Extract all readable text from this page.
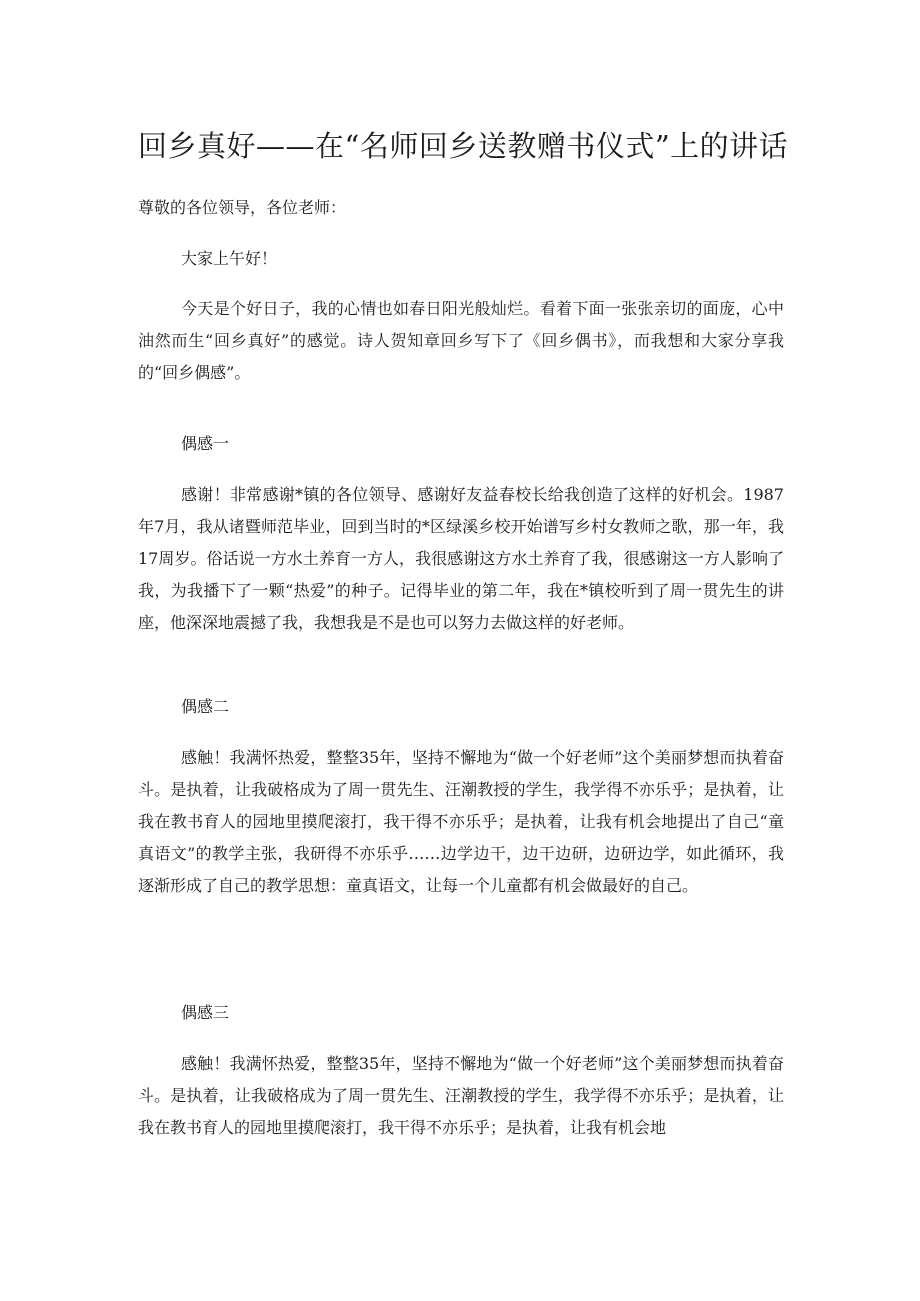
回乡真好——在“名师回乡送教赠书仪式”上的讲话
尊敬的各位领导，各位老师：
大家上午好！
今天是个好日子，我的心情也如春日阳光般灿烂。看着下面一张张亲切的面庞，心中油然而生“回乡真好”的感觉。诗人贺知章回乡写下了《回乡偶书》，而我想和大家分享我的“回乡偶感”。
偶感一
感谢！非常感谢*镇的各位领导、感谢好友益春校长给我创造了这样的好机会。1987年7月，我从诸暨师范毕业，回到当时的*区绿溪乡校开始谱写乡村女教师之歌，那一年，我17周岁。俗话说一方水土养育一方人，我很感谢这方水土养育了我，很感谢这一方人影响了我，为我播下了一颗“热爱”的种子。记得毕业的第二年，我在*镇校听到了周一贯先生的讲座，他深深地震撼了我，我想我是不是也可以努力去做这样的好老师。
偶感二
感触！我满怀热爱，整整35年，坚持不懈地为“做一个好老师”这个美丽梦想而执着奋斗。是执着，让我破格成为了周一贯先生、汪潮教授的学生，我学得不亦乐乎；是执着，让我在教书育人的园地里摸爬滚打，我干得不亦乐乎；是执着，让我有机会地提出了自己“童真语文”的教学主张，我研得不亦乐乎……边学边干，边干边研，边研边学，如此循环，我逐渐形成了自己的教学思想：童真语文，让每一个儿童都有机会做最好的自己。
偶感三
感触！我满怀热爱，整整35年，坚持不懈地为“做一个好老师”这个美丽梦想而执着奋斗。是执着，让我破格成为了周一贯先生、汪潮教授的学生，我学得不亦乐乎；是执着，让我在教书育人的园地里摸爬滚打，我干得不亦乐乎；是执着，让我有机会地
